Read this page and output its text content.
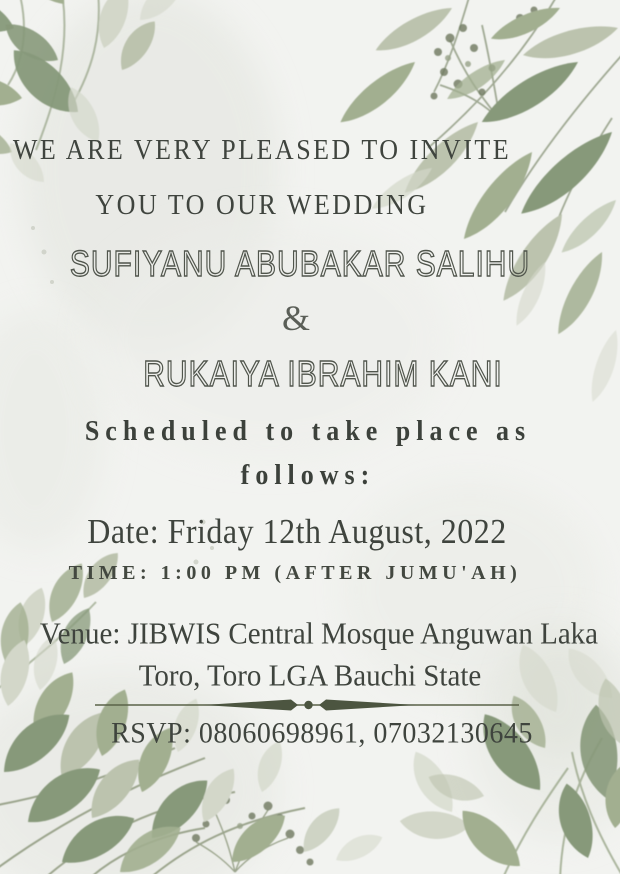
WE ARE VERY PLEASED TO INVITE
YOU TO OUR WEDDING
SUFIYANU ABUBAKAR SALIHU
&
RUKAIYA IBRAHIM KANI
Scheduled to take place as
follows:
Date: Friday 12th August, 2022
TIME: 1:00 PM (AFTER JUMU'AH)
Venue: JIBWIS Central Mosque Anguwan Laka
Toro, Toro LGA Bauchi State
RSVP: 08060698961, 07032130645
